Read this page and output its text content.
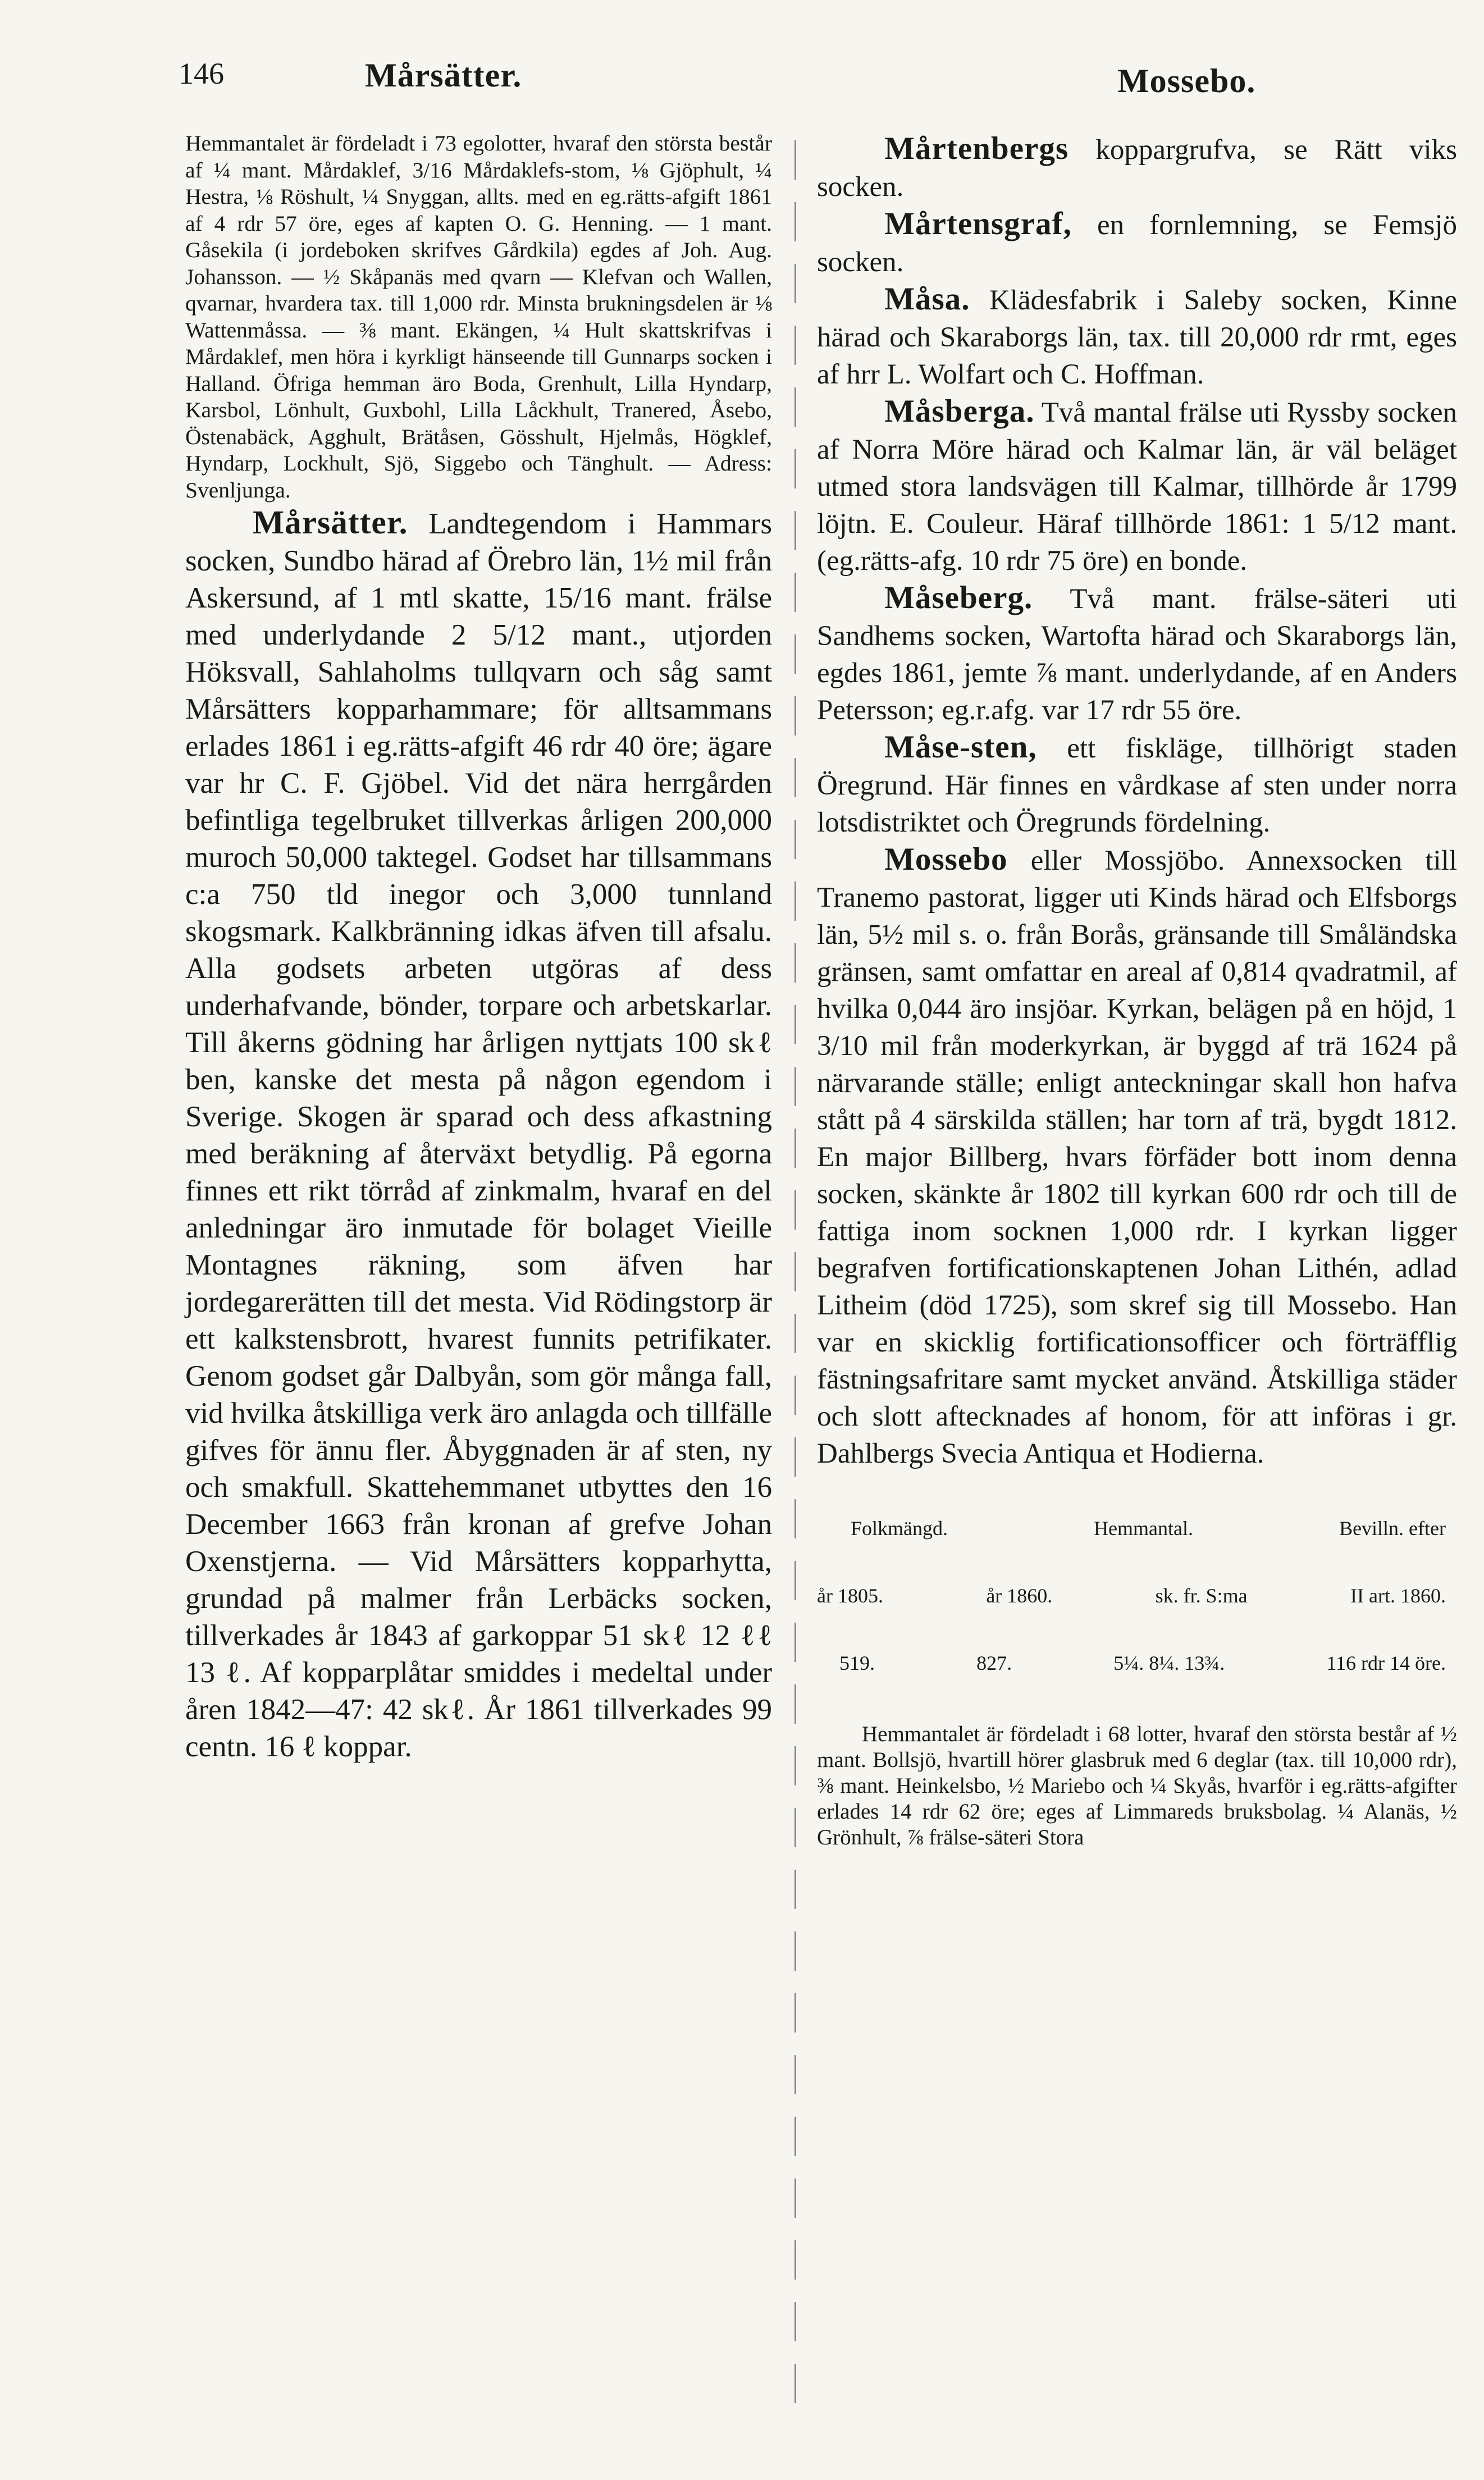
146	Mårsätter.	Mossebo.

Hemmantalet är fördeladt i 73 egolotter, hvaraf den största består af ¼ mant. Mårdaklef, 3/16 Mårdaklefs-stom, ⅛ Gjöphult, ¼ Hestra, ⅛ Röshult, ¼ Snyggan, allts. med en eg.rätts-afgift 1861 af 4 rdr 57 öre, eges af kapten O. G. Henning. — 1 mant. Gåsekila (i jordeboken skrifves Gårdkila) egdes af Joh. Aug. Johansson. — ½ Skåpanäs med qvarn — Klefvan och Wallen, qvarnar, hvardera tax. till 1,000 rdr. Minsta brukningsdelen är ⅛ Wattenmåssa. — ⅜ mant. Ekängen, ¼ Hult skattskrifvas i Mårdaklef, men höra i kyrkligt hänseende till Gunnarps socken i Halland. Öfriga hemman äro Boda, Grenhult, Lilla Hyndarp, Karsbol, Lönhult, Guxbohl, Lilla Låckhult, Tranered, Åsebo, Östenabäck, Agghult, Brätåsen, Gösshult, Hjelmås, Högklef, Hyndarp, Lockhult, Sjö, Siggebo och Tänghult. — Adress: Svenljunga.

Mårsätter. Landtegendom i Hammars socken, Sundbo härad af Örebro län, 1½ mil från Askersund, af 1 mtl skatte, 15/16 mant. frälse med underlydande 2 5/12 mant., utjorden Höksvall, Sahlaholms tullqvarn och såg samt Mårsätters kopparhammare; för alltsammans erlades 1861 i eg.rätts-afgift 46 rdr 40 öre; ägare var hr C. F. Gjöbel. Vid det nära herrgården befintliga tegelbruket tillverkas årligen 200,000 muroch 50,000 taktegel. Godset har tillsammans c:a 750 tld inegor och 3,000 tunnland skogsmark. Kalkbränning idkas äfven till afsalu. Alla godsets arbeten utgöras af dess underhafvande, bönder, torpare och arbetskarlar. Till åkerns gödning har årligen nyttjats 100 skℓ ben, kanske det mesta på någon egendom i Sverige. Skogen är sparad och dess afkastning med beräkning af återväxt betydlig. På egorna finnes ett rikt törråd af zinkmalm, hvaraf en del anledningar äro inmutade för bolaget Vieille Montagnes räkning, som äfven har jordegarerätten till det mesta. Vid Rödingstorp är ett kalkstensbrott, hvarest funnits petrifikater. Genom godset går Dalbyån, som gör många fall, vid hvilka åtskilliga verk äro anlagda och tillfälle gifves för ännu fler. Åbyggnaden är af sten, ny och smakfull. Skattehemmanet utbyttes den 16 December 1663 från kronan af grefve Johan Oxenstjerna. — Vid Mårsätters kopparhytta, grundad på malmer från Lerbäcks socken, tillverkades år 1843 af garkoppar 51 skℓ 12 ℓℓ 13 ℓ. Af kopparplåtar smiddes i medeltal under åren 1842—47: 42 skℓ. År 1861 tillverkades 99 centn. 16 ℓ koppar.

Mårtenbergs koppargrufva, se Rätt viks socken.

Mårtensgraf, en fornlemning, se Femsjö socken.

Måsa. Klädesfabrik i Saleby socken, Kinne härad och Skaraborgs län, tax. till 20,000 rdr rmt, eges af hrr L. Wolfart och C. Hoffman.

Måsberga. Två mantal frälse uti Ryssby socken af Norra Möre härad och Kalmar län, är väl beläget utmed stora landsvägen till Kalmar, tillhörde år 1799 löjtn. E. Couleur. Häraf tillhörde 1861: 1 5/12 mant. (eg.rätts-afg. 10 rdr 75 öre) en bonde.

Måseberg. Två mant. frälse-säteri uti Sandhems socken, Wartofta härad och Skaraborgs län, egdes 1861, jemte ⅞ mant. underlydande, af en Anders Petersson; eg.r.afg. var 17 rdr 55 öre.

Måse-sten, ett fiskläge, tillhörigt staden Öregrund. Här finnes en vårdkase af sten under norra lotsdistriktet och Öregrunds fördelning.

Mossebo eller Mossjöbo. Annexsocken till Tranemo pastorat, ligger uti Kinds härad och Elfsborgs län, 5½ mil s. o. från Borås, gränsande till Småländska gränsen, samt omfattar en areal af 0,814 qvadratmil, af hvilka 0,044 äro insjöar. Kyrkan, belägen på en höjd, 1 3/10 mil från moderkyrkan, är byggd af trä 1624 på närvarande ställe; enligt anteckningar skall hon hafva stått på 4 särskilda ställen; har torn af trä, bygdt 1812. En major Billberg, hvars förfäder bott inom denna socken, skänkte år 1802 till kyrkan 600 rdr och till de fattiga inom socknen 1,000 rdr. I kyrkan ligger begrafven fortificationskaptenen Johan Lithén, adlad Litheim (död 1725), som skref sig till Mossebo. Han var en skicklig fortificationsofficer och förträfflig fästningsafritare samt mycket använd. Åtskilliga städer och slott aftecknades af honom, för att införas i gr. Dahlbergs Svecia Antiqua et Hodierna.

Folkmängd.	Hemmantal.	Bevilln. efter

år 1805.	år 1860.	sk. fr. S:ma	II art. 1860.

519.	827.	5¼. 8¼. 13¾.	116 rdr 14 öre.

Hemmantalet är fördeladt i 68 lotter, hvaraf den största består af ½ mant. Bollsjö, hvartill hörer glasbruk med 6 deglar (tax. till 10,000 rdr), ⅜ mant. Heinkelsbo, ½ Mariebo och ¼ Skyås, hvarför i eg.rätts-afgifter erlades 14 rdr 62 öre; eges af Limmareds bruksbolag. ¼ Alanäs, ½ Grönhult, ⅞ frälse-säteri Stora
